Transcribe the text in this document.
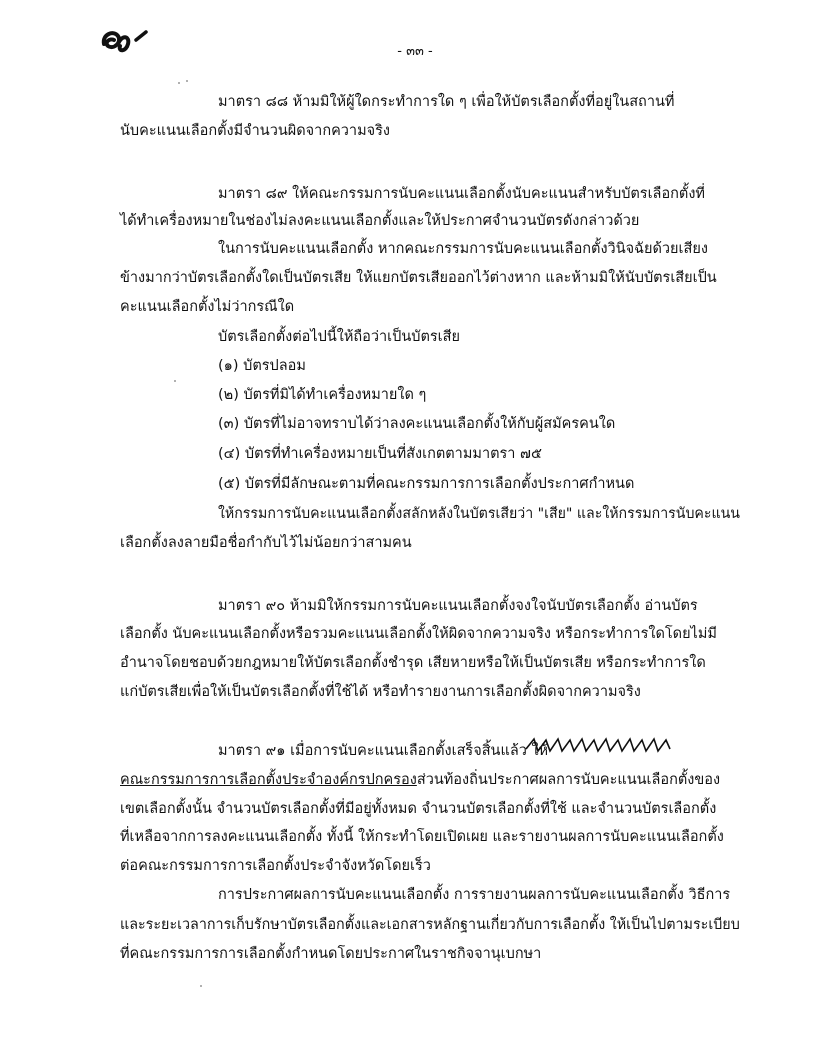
- ๓๓ -
มาตรา ๘๘ ห้ามมิให้ผู้ใดกระทำการใด ๆ เพื่อให้บัตรเลือกตั้งที่อยู่ในสถานที่
นับคะแนนเลือกตั้งมีจำนวนผิดจากความจริง
มาตรา ๘๙ ให้คณะกรรมการนับคะแนนเลือกตั้งนับคะแนนสำหรับบัตรเลือกตั้งที่
ได้ทำเครื่องหมายในช่องไม่ลงคะแนนเลือกตั้งและให้ประกาศจำนวนบัตรดังกล่าวด้วย
ในการนับคะแนนเลือกตั้ง หากคณะกรรมการนับคะแนนเลือกตั้งวินิจฉัยด้วยเสียง
ข้างมากว่าบัตรเลือกตั้งใดเป็นบัตรเสีย ให้แยกบัตรเสียออกไว้ต่างหาก และห้ามมิให้นับบัตรเสียเป็น
คะแนนเลือกตั้งไม่ว่ากรณีใด
บัตรเลือกตั้งต่อไปนี้ให้ถือว่าเป็นบัตรเสีย
(๑) บัตรปลอม
(๒) บัตรที่มิได้ทำเครื่องหมายใด ๆ
(๓) บัตรที่ไม่อาจทราบได้ว่าลงคะแนนเลือกตั้งให้กับผู้สมัครคนใด
(๔) บัตรที่ทำเครื่องหมายเป็นที่สังเกตตามมาตรา ๗๕
(๕) บัตรที่มีลักษณะตามที่คณะกรรมการการเลือกตั้งประกาศกำหนด
ให้กรรมการนับคะแนนเลือกตั้งสลักหลังในบัตรเสียว่า "เสีย" และให้กรรมการนับคะแนน
เลือกตั้งลงลายมือชื่อกำกับไว้ไม่น้อยกว่าสามคน
มาตรา ๙๐ ห้ามมิให้กรรมการนับคะแนนเลือกตั้งจงใจนับบัตรเลือกตั้ง อ่านบัตร
เลือกตั้ง นับคะแนนเลือกตั้งหรือรวมคะแนนเลือกตั้งให้ผิดจากความจริง หรือกระทำการใดโดยไม่มี
อำนาจโดยชอบด้วยกฎหมายให้บัตรเลือกตั้งชำรุด เสียหายหรือให้เป็นบัตรเสีย หรือกระทำการใด
แก่บัตรเสียเพื่อให้เป็นบัตรเลือกตั้งที่ใช้ได้ หรือทำรายงานการเลือกตั้งผิดจากความจริง
มาตรา ๙๑ เมื่อการนับคะแนนเลือกตั้งเสร็จสิ้นแล้ว ให้
คณะกรรมการการเลือกตั้งประจำองค์กรปกครองส่วนท้องถิ่นประกาศผลการนับคะแนนเลือกตั้งของ
เขตเลือกตั้งนั้น จำนวนบัตรเลือกตั้งที่มีอยู่ทั้งหมด จำนวนบัตรเลือกตั้งที่ใช้ และจำนวนบัตรเลือกตั้ง
ที่เหลือจากการลงคะแนนเลือกตั้ง ทั้งนี้ ให้กระทำโดยเปิดเผย และรายงานผลการนับคะแนนเลือกตั้ง
ต่อคณะกรรมการการเลือกตั้งประจำจังหวัดโดยเร็ว
การประกาศผลการนับคะแนนเลือกตั้ง การรายงานผลการนับคะแนนเลือกตั้ง วิธีการ
และระยะเวลาการเก็บรักษาบัตรเลือกตั้งและเอกสารหลักฐานเกี่ยวกับการเลือกตั้ง ให้เป็นไปตามระเบียบ
ที่คณะกรรมการการเลือกตั้งกำหนดโดยประกาศในราชกิจจานุเบกษา
